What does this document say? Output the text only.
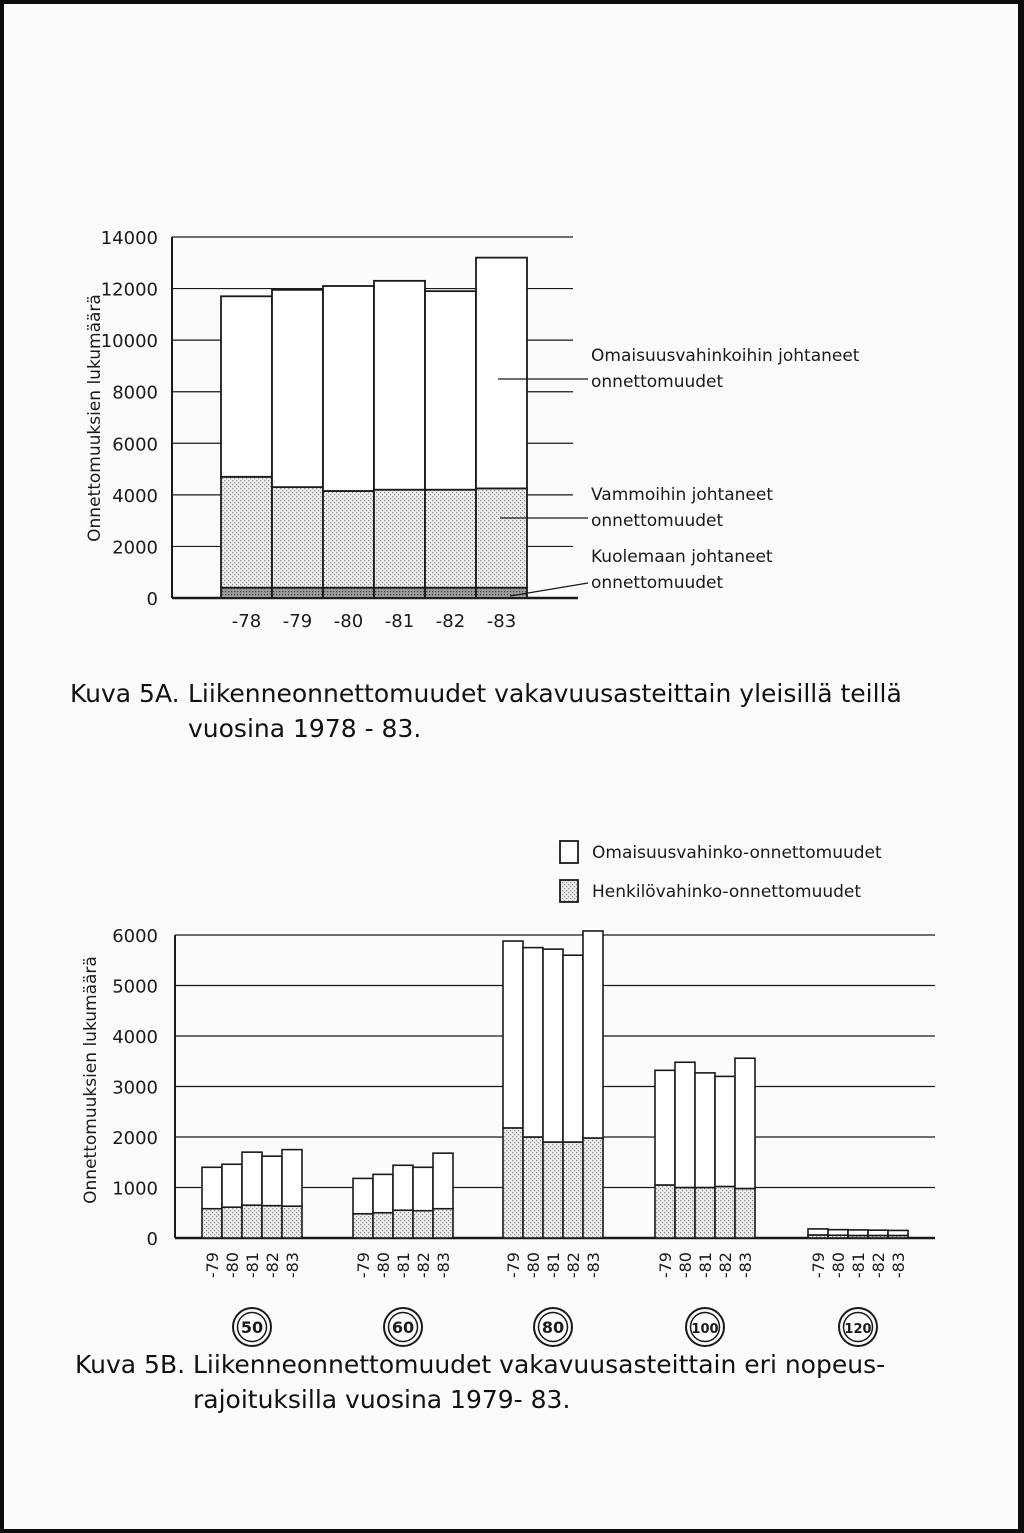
0
2000
4000
6000
8000
10000
12000
14000
Onnettomuuksien lukumäärä
-78 -79 -80 -81 -82 -83
Omaisuusvahinkoihin johtaneet
onnettomuudet
Vammoihin johtaneet
onnettomuudet
Kuolemaan johtaneet
onnettomuudet
0
1000
2000
3000
4000
5000
6000
Onnettomuuksien lukumäärä
-79 -80 -81 -82 -83
50
-79 -80 -81 -82 -83
60
-79 -80 -81 -82 -83
80
-79 -80 -81 -82 -83
100
-79 -80 -81 -82 -83
120
Omaisuusvahinko-onnettomuudet
Henkilövahinko-onnettomuudet

Kuva 5A. Liikenneonnettomuudet vakavuusasteittain yleisillä teillä
vuosina 1978 - 83.

Kuva 5B. Liikenneonnettomuudet vakavuusasteittain eri nopeus-
rajoituksilla vuosina 1979- 83.
